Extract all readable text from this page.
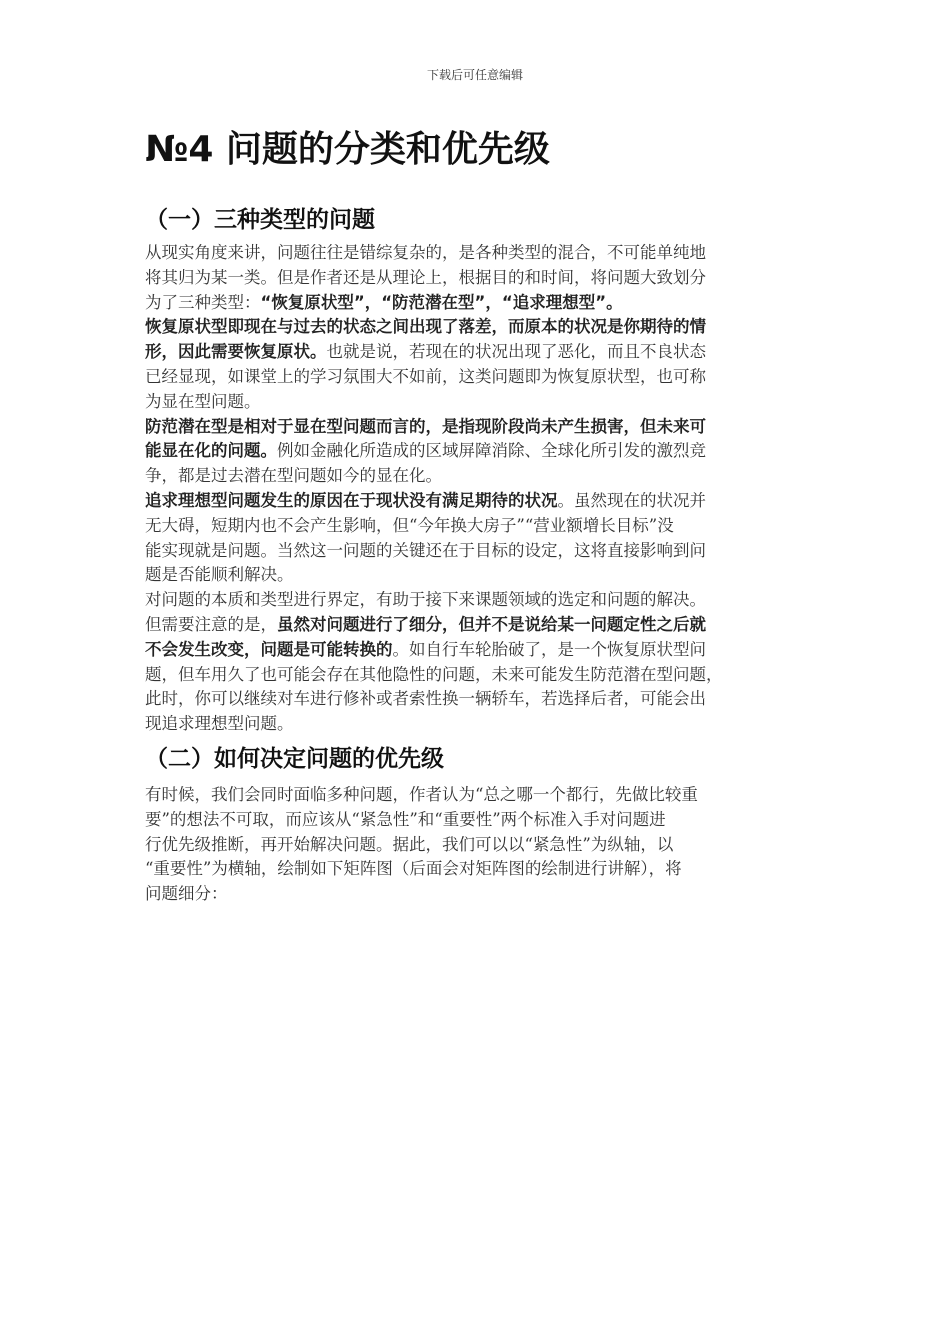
下载后可任意编辑
№4 问题的分类和优先级
（一）三种类型的问题

从现实角度来讲，问题往往是错综复杂的，是各种类型的混合，不可能单纯地
将其归为某一类。但是作者还是从理论上，根据目的和时间，将问题大致划分
为了三种类型：“恢复原状型”，“防范潜在型”，“追求理想型”。

恢复原状型即现在与过去的状态之间出现了落差，而原本的状况是你期待的情
形，因此需要恢复原状。也就是说，若现在的状况出现了恶化，而且不良状态
已经显现，如课堂上的学习氛围大不如前，这类问题即为恢复原状型，也可称
为显在型问题。

防范潜在型是相对于显在型问题而言的，是指现阶段尚未产生损害，但未来可
能显在化的问题。例如金融化所造成的区域屏障消除、全球化所引发的激烈竞
争，都是过去潜在型问题如今的显在化。

追求理想型问题发生的原因在于现状没有满足期待的状况。虽然现在的状况并
无大碍，短期内也不会产生影响，但“今年换大房子”“营业额增长目标”没
能实现就是问题。当然这一问题的关键还在于目标的设定，这将直接影响到问
题是否能顺利解决。

对问题的本质和类型进行界定，有助于接下来课题领域的选定和问题的解决。
但需要注意的是，虽然对问题进行了细分，但并不是说给某一问题定性之后就
不会发生改变，问题是可能转换的。如自行车轮胎破了，是一个恢复原状型问
题，但车用久了也可能会存在其他隐性的问题，未来可能发生防范潜在型问题，
此时，你可以继续对车进行修补或者索性换一辆轿车，若选择后者，可能会出
现追求理想型问题。

（二）如何决定问题的优先级

有时候，我们会同时面临多种问题，作者认为“总之哪一个都行，先做比较重
要”的想法不可取，而应该从“紧急性”和“重要性”两个标准入手对问题进
行优先级推断，再开始解决问题。据此，我们可以以“紧急性”为纵轴，以
“重要性”为横轴，绘制如下矩阵图（后面会对矩阵图的绘制进行讲解），将
问题细分：
